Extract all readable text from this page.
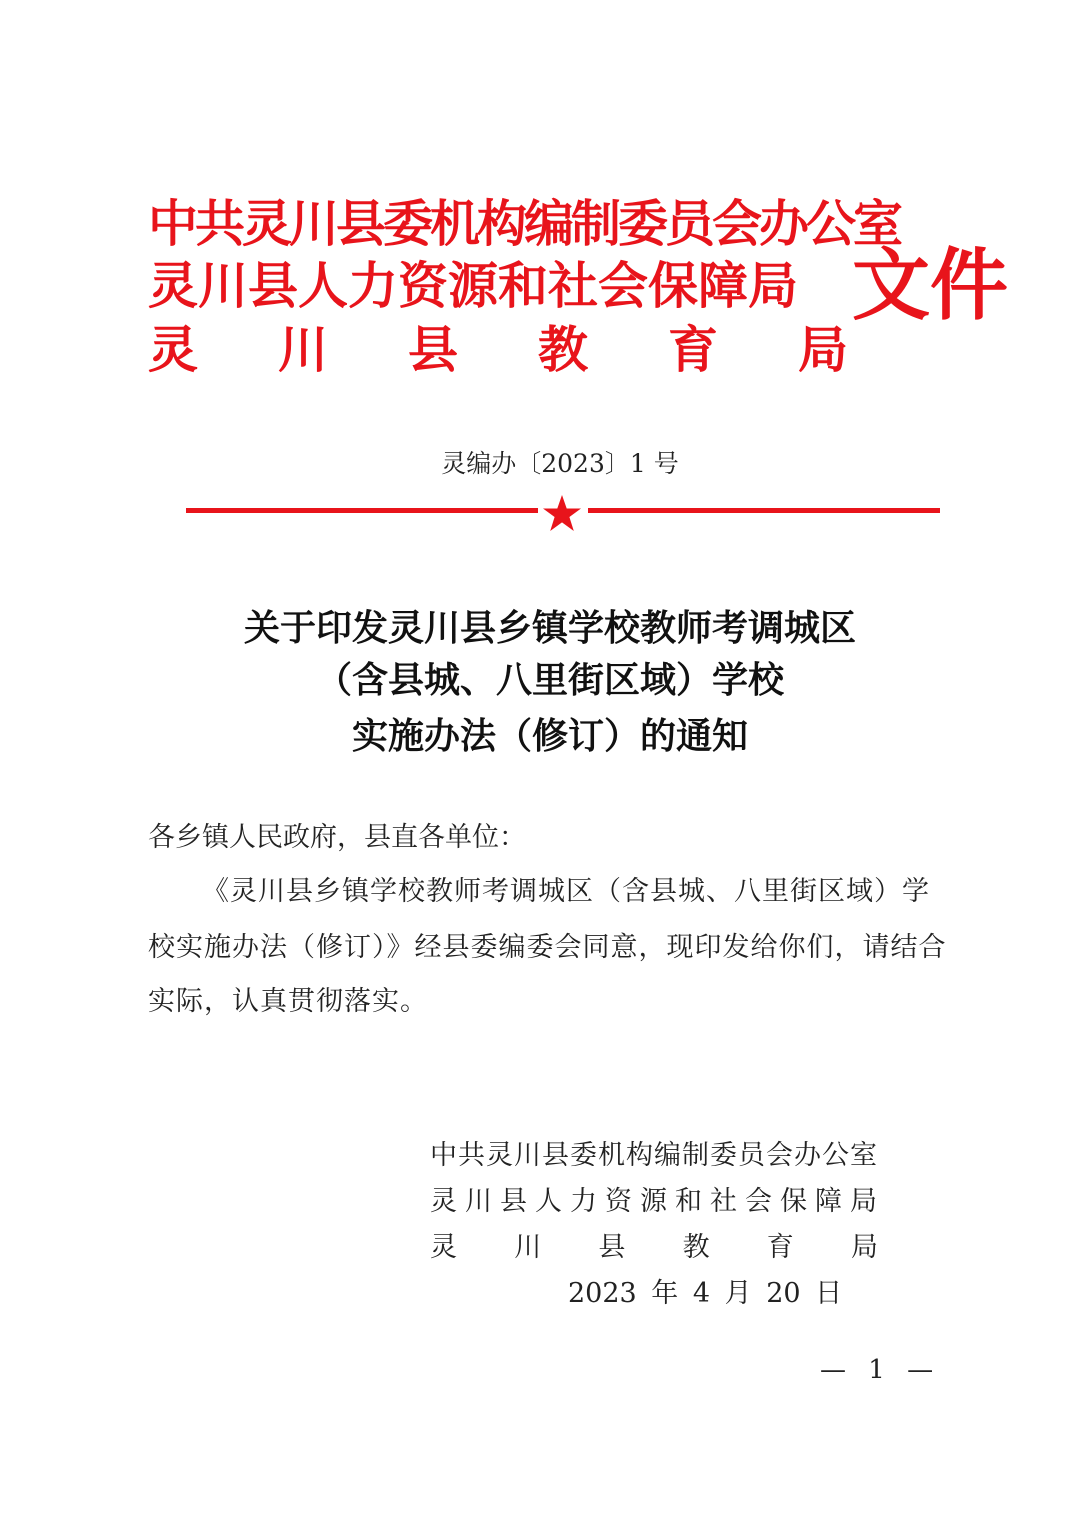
中共灵川县委机构编制委员会办公室
灵川县人力资源和社会保障局
灵 川 县 教 育 局
文件
灵编办〔2023〕1 号
关于印发灵川县乡镇学校教师考调城区
（含县城、八里街区域）学校
实施办法（修订）的通知
各乡镇人民政府，县直各单位：
《灵川县乡镇学校教师考调城区（含县城、八里街区域）学
校实施办法（修订）》经县委编委会同意，现印发给你们，请结合
实际，认真贯彻落实。
中共灵川县委机构编制委员会办公室
灵川县人力资源和社会保障局
灵 川 县 教 育 局
2023 年 4 月 20 日
— 1 —
